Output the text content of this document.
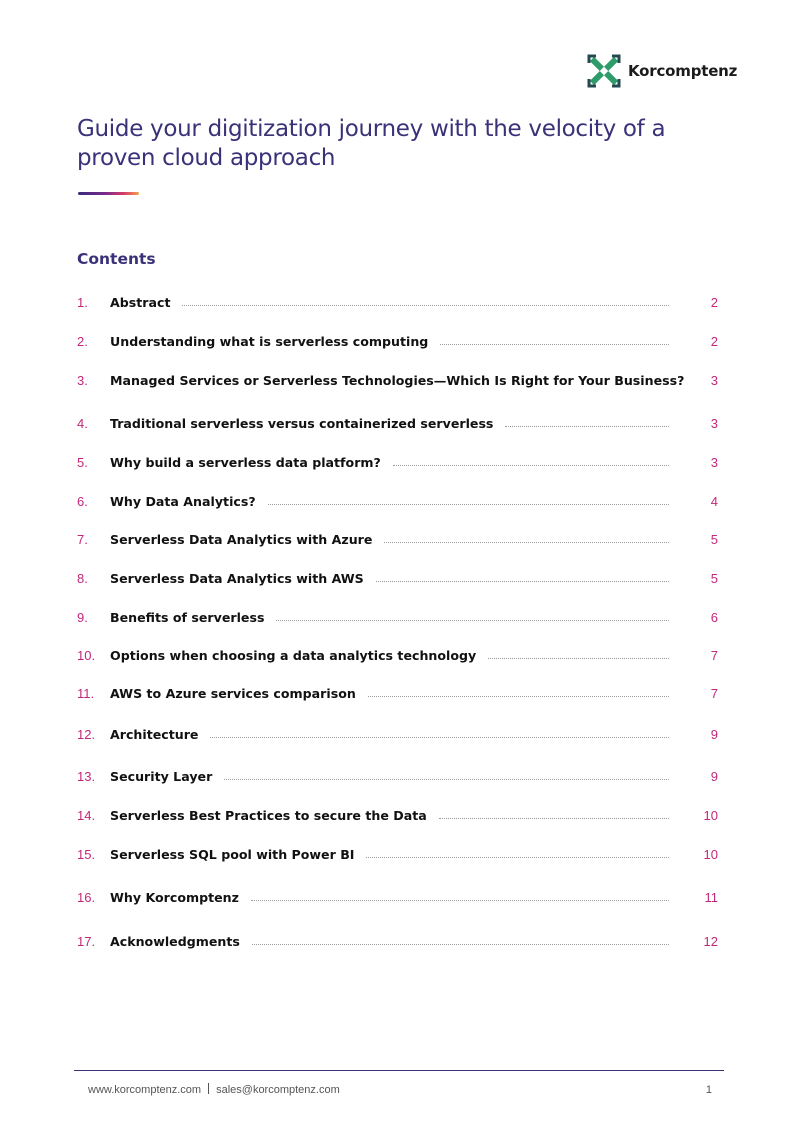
Korcomptenz
Guide your digitization journey with the velocity of a proven cloud approach
Contents
1. Abstract	2
2. Understanding what is serverless computing	2
3. Managed Services or Serverless Technologies—Which Is Right for Your Business? 3
4. Traditional serverless versus containerized serverless	3
5. Why build a serverless data platform?	3
6. Why Data Analytics?	4
7. Serverless Data Analytics with Azure	5
8. Serverless Data Analytics with AWS	5
9. Benefits of serverless	6
10. Options when choosing a data analytics technology	7
11. AWS to Azure services comparison	7
12. Architecture	9
13. Security Layer	9
14. Serverless Best Practices to secure the Data	10
15. Serverless SQL pool with Power BI	10
16. Why Korcomptenz	11
17. Acknowledgments	12
www.korcomptenz.com sales@korcomptenz.com	1
